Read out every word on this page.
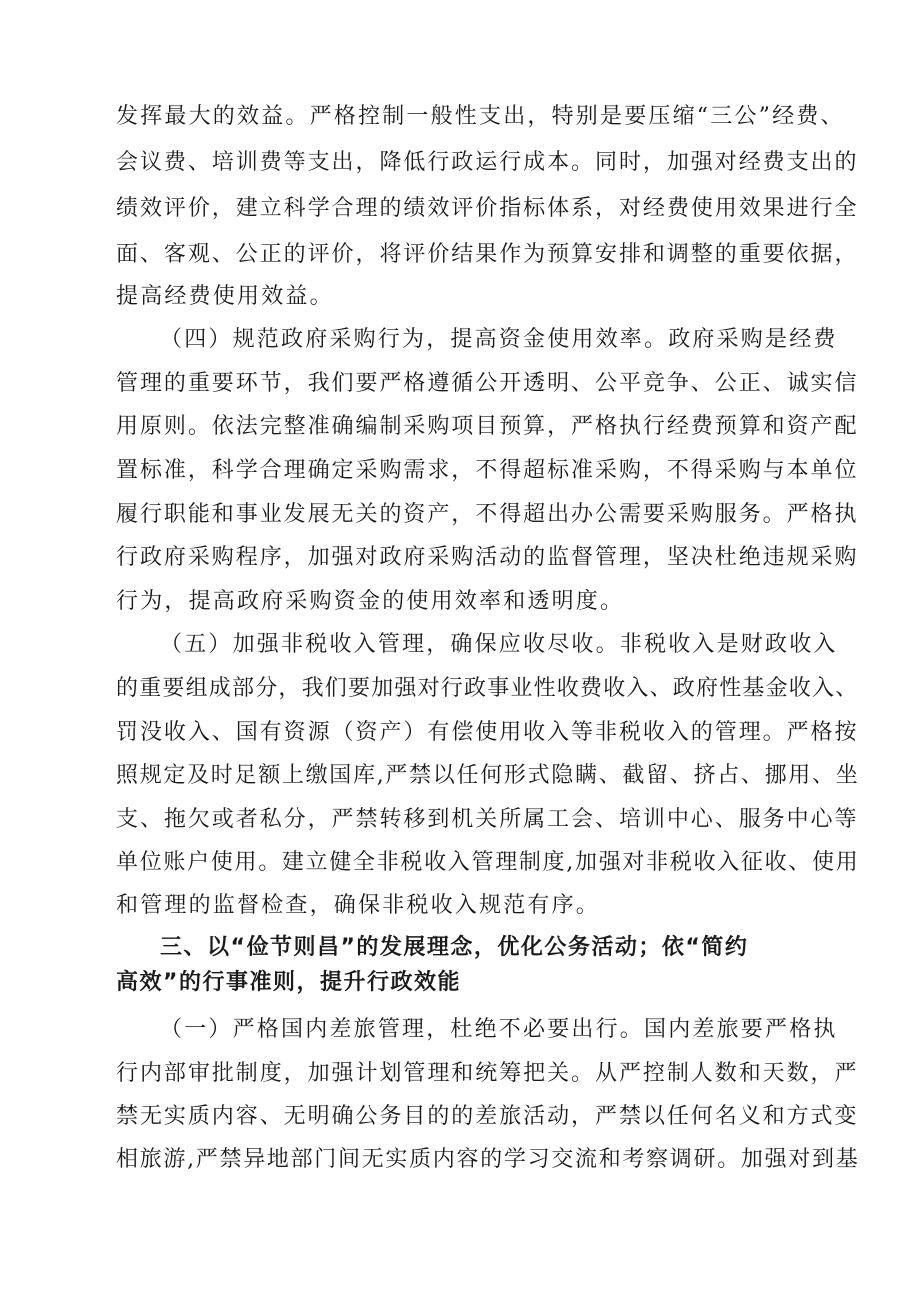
发挥最大的效益。严格控制一般性支出，特别是要压缩“三公”经费、
会议费、培训费等支出，降低行政运行成本。同时，加强对经费支出的
绩效评价，建立科学合理的绩效评价指标体系，对经费使用效果进行全
面、客观、公正的评价，将评价结果作为预算安排和调整的重要依据，
提高经费使用效益。
（四）规范政府采购行为，提高资金使用效率。政府采购是经费
管理的重要环节，我们要严格遵循公开透明、公平竞争、公正、诚实信
用原则。依法完整准确编制采购项目预算，严格执行经费预算和资产配
置标准，科学合理确定采购需求，不得超标准采购，不得采购与本单位
履行职能和事业发展无关的资产，不得超出办公需要采购服务。严格执
行政府采购程序，加强对政府采购活动的监督管理，坚决杜绝违规采购
行为，提高政府采购资金的使用效率和透明度。
（五）加强非税收入管理，确保应收尽收。非税收入是财政收入
的重要组成部分，我们要加强对行政事业性收费收入、政府性基金收入、
罚没收入、国有资源（资产）有偿使用收入等非税收入的管理。严格按
照规定及时足额上缴国库,严禁以任何形式隐瞒、截留、挤占、挪用、坐
支、拖欠或者私分，严禁转移到机关所属工会、培训中心、服务中心等
单位账户使用。建立健全非税收入管理制度,加强对非税收入征收、使用
和管理的监督检查，确保非税收入规范有序。
三、以“俭节则昌”的发展理念，优化公务活动；依“简约
高效”的行事准则，提升行政效能
（一）严格国内差旅管理，杜绝不必要出行。国内差旅要严格执
行内部审批制度，加强计划管理和统筹把关。从严控制人数和天数，严
禁无实质内容、无明确公务目的的差旅活动，严禁以任何名义和方式变
相旅游,严禁异地部门间无实质内容的学习交流和考察调研。加强对到基
